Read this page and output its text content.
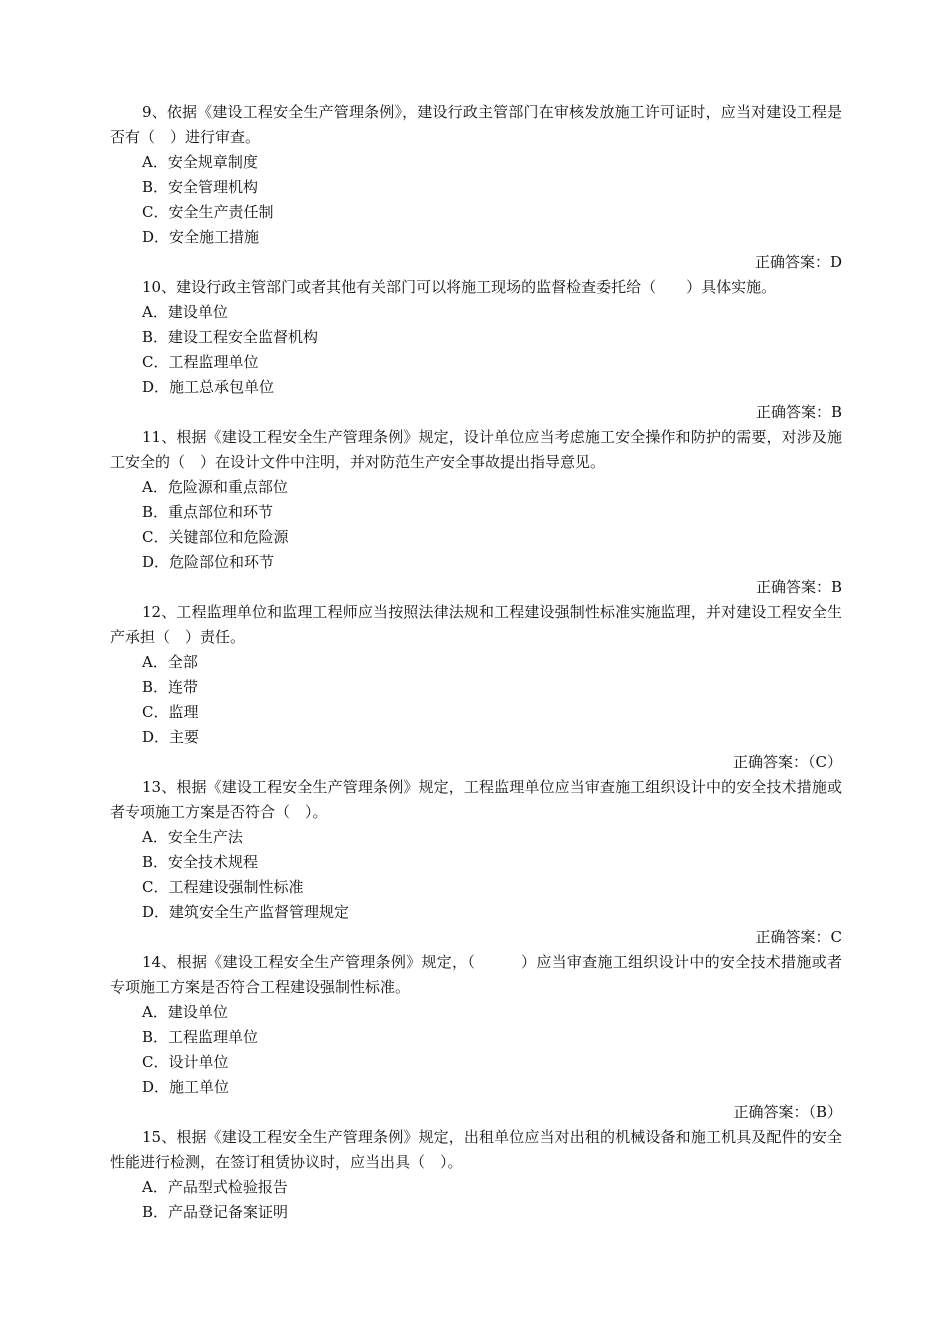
9、依据《建设工程安全生产管理条例》，建设行政主管部门在审核发放施工许可证时，应当对建设工程是否有（　）进行审查。

A．安全规章制度

B．安全管理机构

C．安全生产责任制

D．安全施工措施

正确答案：D

10、建设行政主管部门或者其他有关部门可以将施工现场的监督检查委托给（　　）具体实施。

A．建设单位

B．建设工程安全监督机构

C．工程监理单位

D．施工总承包单位

正确答案：B

11、根据《建设工程安全生产管理条例》规定，设计单位应当考虑施工安全操作和防护的需要，对涉及施工安全的（　）在设计文件中注明，并对防范生产安全事故提出指导意见。

A．危险源和重点部位

B．重点部位和环节

C．关键部位和危险源

D．危险部位和环节

正确答案：B

12、工程监理单位和监理工程师应当按照法律法规和工程建设强制性标准实施监理，并对建设工程安全生产承担（　）责任。

A．全部

B．连带

C．监理

D．主要

正确答案：（C）

13、根据《建设工程安全生产管理条例》规定，工程监理单位应当审查施工组织设计中的安全技术措施或者专项施工方案是否符合（　）。

A．安全生产法

B．安全技术规程

C．工程建设强制性标准

D．建筑安全生产监督管理规定

正确答案：C

14、根据《建设工程安全生产管理条例》规定，（　　　）应当审查施工组织设计中的安全技术措施或者专项施工方案是否符合工程建设强制性标准。

A．建设单位

B．工程监理单位

C．设计单位

D．施工单位

正确答案：（B）

15、根据《建设工程安全生产管理条例》规定，出租单位应当对出租的机械设备和施工机具及配件的安全性能进行检测，在签订租赁协议时，应当出具（　）。

A．产品型式检验报告

B．产品登记备案证明
